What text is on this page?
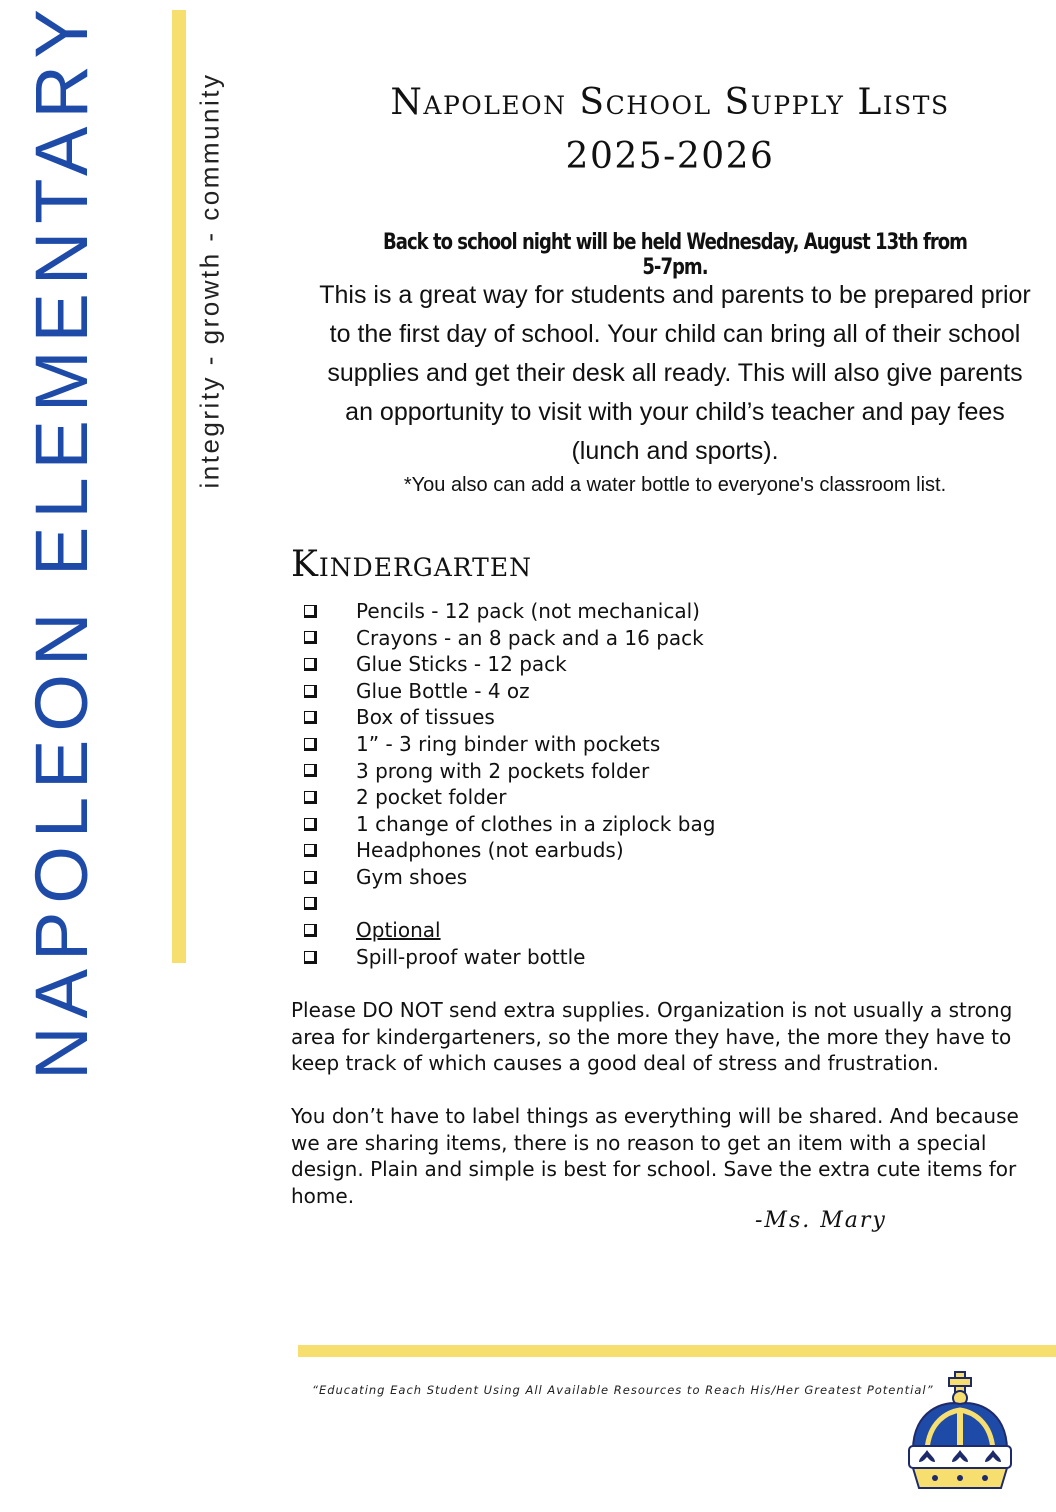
NAPOLEON ELEMENTARY	integrity - growth - community	Napoleon School Supply Lists
2025-2026
Back to school night will be held Wednesday, August 13th from 5-7pm.
This is a great way for students and parents to be prepared prior to the first day of school. Your child can bring all of their school supplies and get their desk all ready. This will also give parents an opportunity to visit with your child’s teacher and pay fees (lunch and sports).
*You also can add a water bottle to everyone's classroom list.
Kindergarten
Pencils - 12 pack (not mechanical)
Crayons - an 8 pack and a 16 pack
Glue Sticks - 12 pack
Glue Bottle - 4 oz
Box of tissues
1” - 3 ring binder with pockets
3 prong with 2 pockets folder
2 pocket folder
1 change of clothes in a ziplock bag
Headphones (not earbuds)
Gym shoes
Optional
Spill-proof water bottle

Please DO NOT send extra supplies. Organization is not usually a strong area for kindergarteners, so the more they have, the more they have to keep track of which causes a good deal of stress and frustration.

You don’t have to label things as everything will be shared. And because we are sharing items, there is no reason to get an item with a special design. Plain and simple is best for school. Save the extra cute items for home.

-Ms. Mary
“Educating Each Student Using All Available Resources to Reach His/Her Greatest Potential”
